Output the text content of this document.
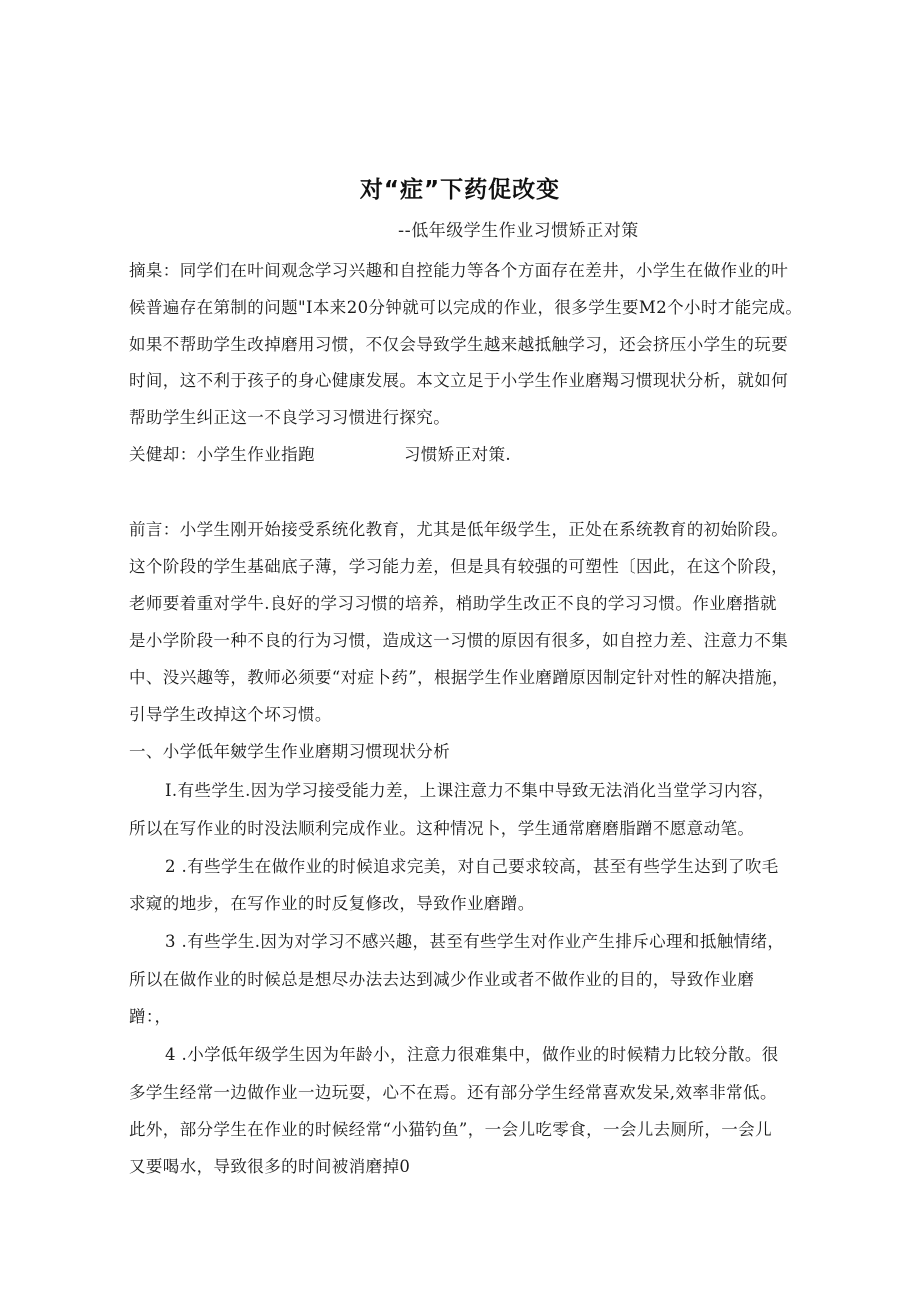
对“症”下药促改变
--低年级学生作业习惯矫正对策
摘臬：同学们在叶间观念学习兴趣和自控能力等各个方面存在差井，小学生在做作业的叶
候普遍存在第制的问题"I本来20分钟就可以完成的作业，很多学生要M2个小时才能完成。
如果不帮助学生改掉磨用习惯，不仅会导致学生越来越抵触学习，还会挤压小学生的玩要
时间，这不利于孩子的身心健康发展。本文立足于小学生作业磨羯习惯现状分析，就如何
帮助学生纠正这一不良学习习惯进行探究。
关健却：小学生作业指跑	习惯矫正对策.
前言：小学生刚开始接受系统化教育，尤其是低年级学生，正处在系统教育的初始阶段。
这个阶段的学生基础底子薄，学习能力差，但是具有较强的可塑性〔因此，在这个阶段，
老师要着重对学牛.良好的学习习惯的培养，梢助学生改正不良的学习习惯。作业磨揩就
是小学阶段一种不良的行为习惯，造成这一习惯的原因有很多，如自控力差、注意力不集
中、没兴趣等，教师必须要“对症卜药”，根据学生作业磨蹭原因制定针对性的解决措施，
引导学生改掉这个坏习惯。
一、小学低年皴学生作业磨期习惯现状分析
I.有些学生.因为学习接受能力差，上课注意力不集中导致无法消化当堂学习内容，
所以在写作业的时没法顺利完成作业。这种情况卜，学生通常磨磨脂蹭不愿意动笔。
2 .有些学生在做作业的时候追求完美，对自己要求较高，甚至有些学生达到了吹毛
求窥的地步，在写作业的时反复修改，导致作业磨蹭。
3 .有些学生.因为对学习不感兴趣，甚至有些学生对作业产生排斥心理和抵触情绪，
所以在做作业的时候总是想尽办法去达到减少作业或者不做作业的目的，导致作业磨
蹭：，
4 .小学低年级学生因为年龄小，注意力很难集中，做作业的时候精力比较分散。很
多学生经常一边做作业一边玩耍，心不在焉。还有部分学生经常喜欢发呆,效率非常低。
此外，部分学生在作业的时候经常“小猫钓鱼”，一会儿吃零食，一会儿去厕所，一会儿
又要喝水，导致很多的时间被消磨掉0
